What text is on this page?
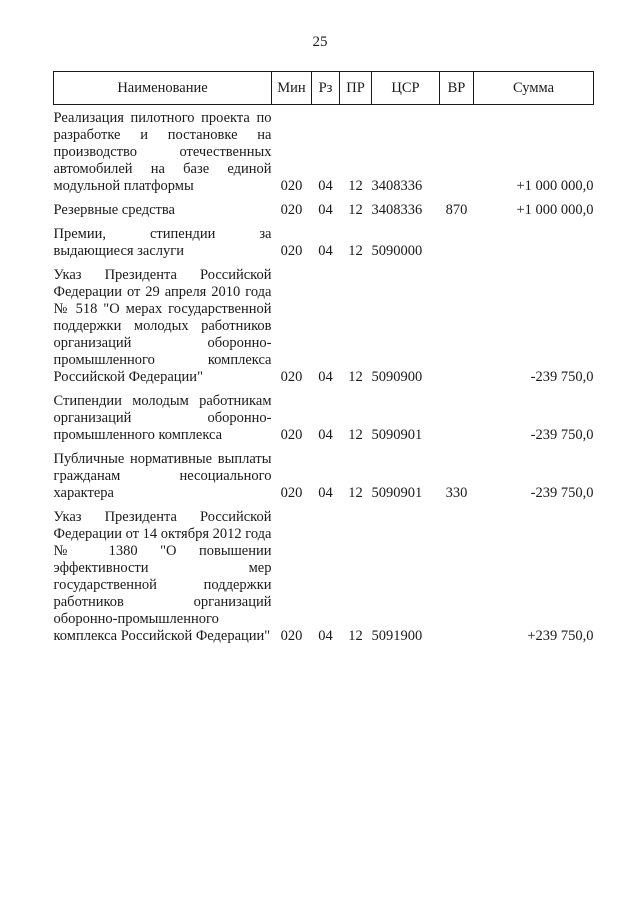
25
Наименование	Мин	Рз	ПР	ЦСР	ВР	Сумма
Реализация пилотного проекта по разработке и постановке на производство отечественных автомобилей на базе единой модульной платформы	020	04	12	3408336		+1 000 000,0
Резервные средства	020	04	12	3408336	870	+1 000 000,0
Премии, стипендии за выдающиеся заслуги	020	04	12	5090000		
Указ Президента Российской Федерации от 29 апреля 2010 года № 518 "О мерах государственной поддержки молодых работников организаций оборонно-промышленного комплекса Российской Федерации"	020	04	12	5090900		-239 750,0
Стипендии молодым работникам организаций оборонно-промышленного комплекса	020	04	12	5090901		-239 750,0
Публичные нормативные выплаты гражданам несоциального характера	020	04	12	5090901	330	-239 750,0
Указ Президента Российской Федерации от 14 октября 2012 года № 1380 "О повышении эффективности мер государственной поддержки работников организаций оборонно-промышленного комплекса Российской Федерации"	020	04	12	5091900		+239 750,0
